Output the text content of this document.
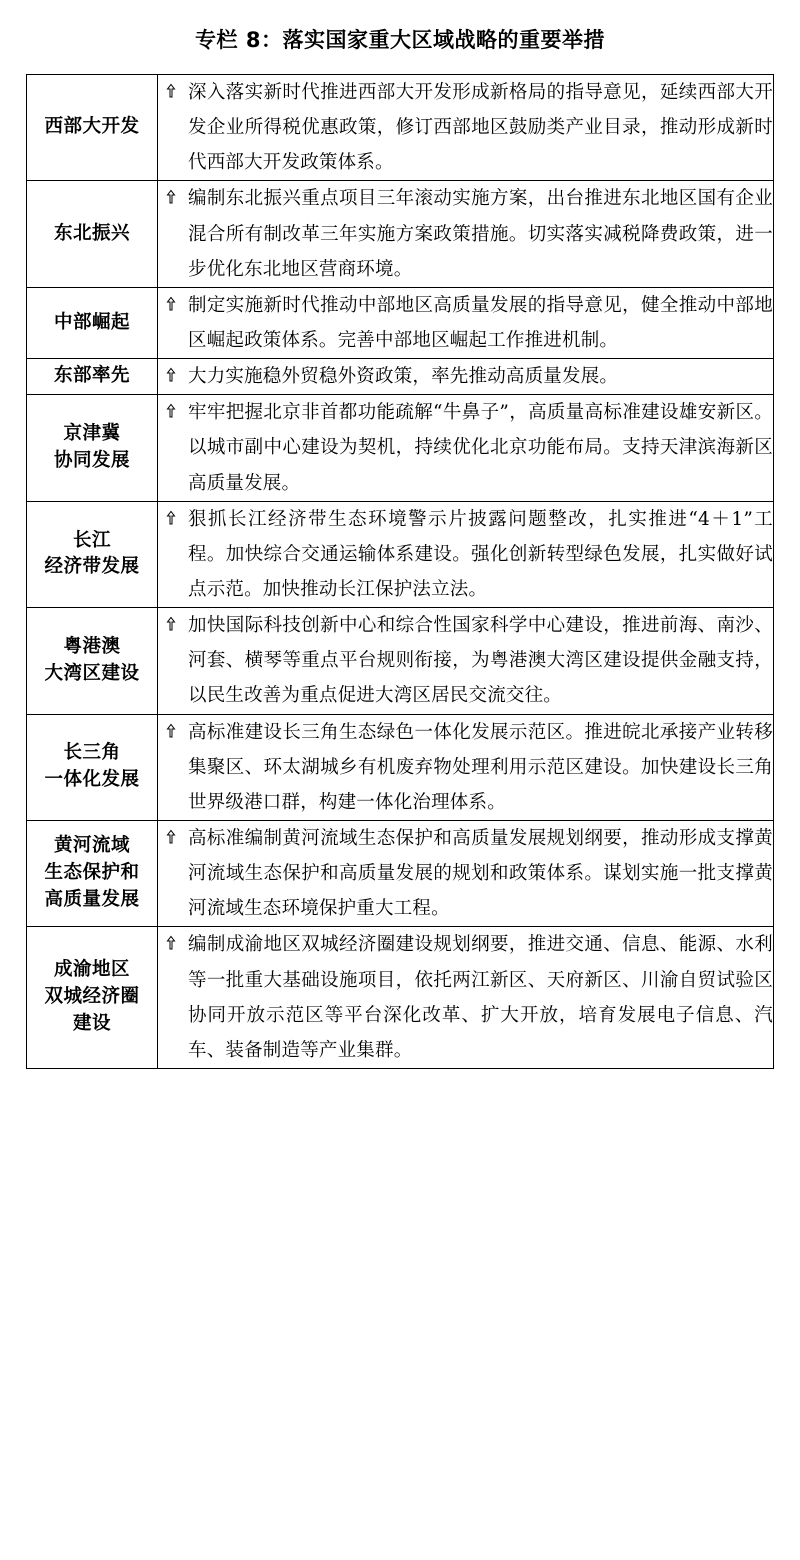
专栏 8：落实国家重大区域战略的重要举措
西部大开发	深入落实新时代推进西部大开发形成新格局的指导意见，延续西部大开发企业所得税优惠政策，修订西部地区鼓励类产业目录，推动形成新时代西部大开发政策体系。

东北振兴	编制东北振兴重点项目三年滚动实施方案，出台推进东北地区国有企业混合所有制改革三年实施方案政策措施。切实落实减税降费政策，进一步优化东北地区营商环境。

中部崛起	制定实施新时代推动中部地区高质量发展的指导意见，健全推动中部地区崛起政策体系。完善中部地区崛起工作推进机制。

东部率先	大力实施稳外贸稳外资政策，率先推动高质量发展。

京津冀
协同发展	牢牢把握北京非首都功能疏解“牛鼻子”，高质量高标准建设雄安新区。以城市副中心建设为契机，持续优化北京功能布局。支持天津滨海新区高质量发展。

长江
经济带发展	狠抓长江经济带生态环境警示片披露问题整改，扎实推进“4＋1”工程。加快综合交通运输体系建设。强化创新转型绿色发展，扎实做好试点示范。加快推动长江保护法立法。

粤港澳
大湾区建设	加快国际科技创新中心和综合性国家科学中心建设，推进前海、南沙、河套、横琴等重点平台规则衔接，为粤港澳大湾区建设提供金融支持，以民生改善为重点促进大湾区居民交流交往。

长三角
一体化发展	高标准建设长三角生态绿色一体化发展示范区。推进皖北承接产业转移集聚区、环太湖城乡有机废弃物处理利用示范区建设。加快建设长三角世界级港口群，构建一体化治理体系。

黄河流域
生态保护和
高质量发展	高标准编制黄河流域生态保护和高质量发展规划纲要，推动形成支撑黄河流域生态保护和高质量发展的规划和政策体系。谋划实施一批支撑黄河流域生态环境保护重大工程。

成渝地区
双城经济圈
建设	编制成渝地区双城经济圈建设规划纲要，推进交通、信息、能源、水利等一批重大基础设施项目，依托两江新区、天府新区、川渝自贸试验区协同开放示范区等平台深化改革、扩大开放，培育发展电子信息、汽车、装备制造等产业集群。
